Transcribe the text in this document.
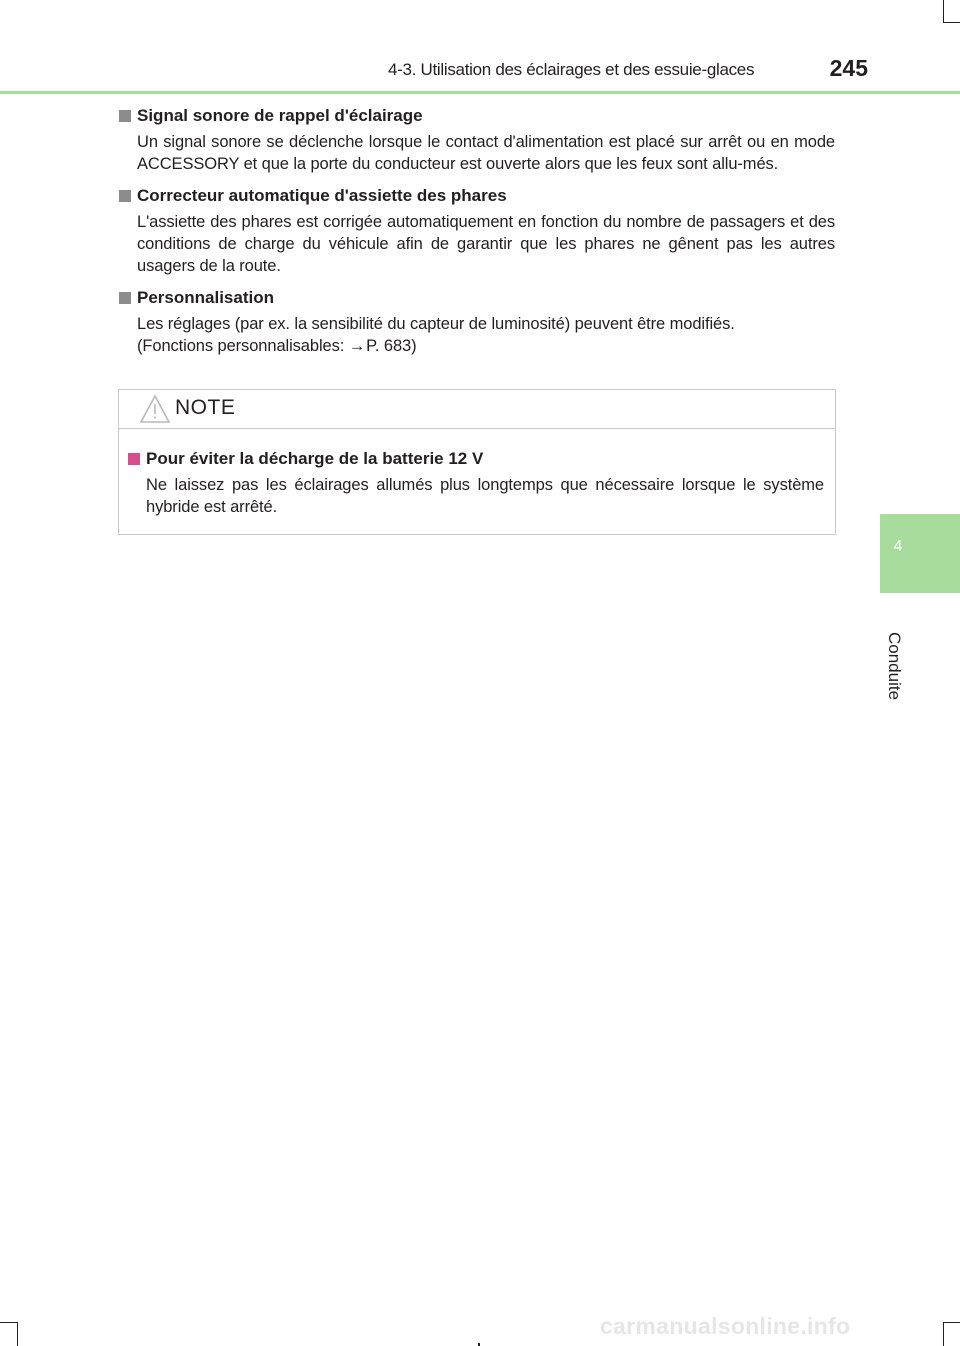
4-3. Utilisation des éclairages et des essuie-glaces	245
4
Conduite
Signal sonore de rappel d'éclairage

Un signal sonore se déclenche lorsque le contact d'alimentation est placé sur arrêt ou en mode ACCESSORY et que la porte du conducteur est ouverte alors que les feux sont allu-més.

Correcteur automatique d'assiette des phares

L'assiette des phares est corrigée automatiquement en fonction du nombre de passagers et des conditions de charge du véhicule afin de garantir que les phares ne gênent pas les autres usagers de la route.

Personnalisation

Les réglages (par ex. la sensibilité du capteur de luminosité) peuvent être modifiés.

(Fonctions personnalisables: →P. 683)

NOTE
Pour éviter la décharge de la batterie 12 V

Ne laissez pas les éclairages allumés plus longtemps que nécessaire lorsque le système hybride est arrêté.

carmanualsonline.info
